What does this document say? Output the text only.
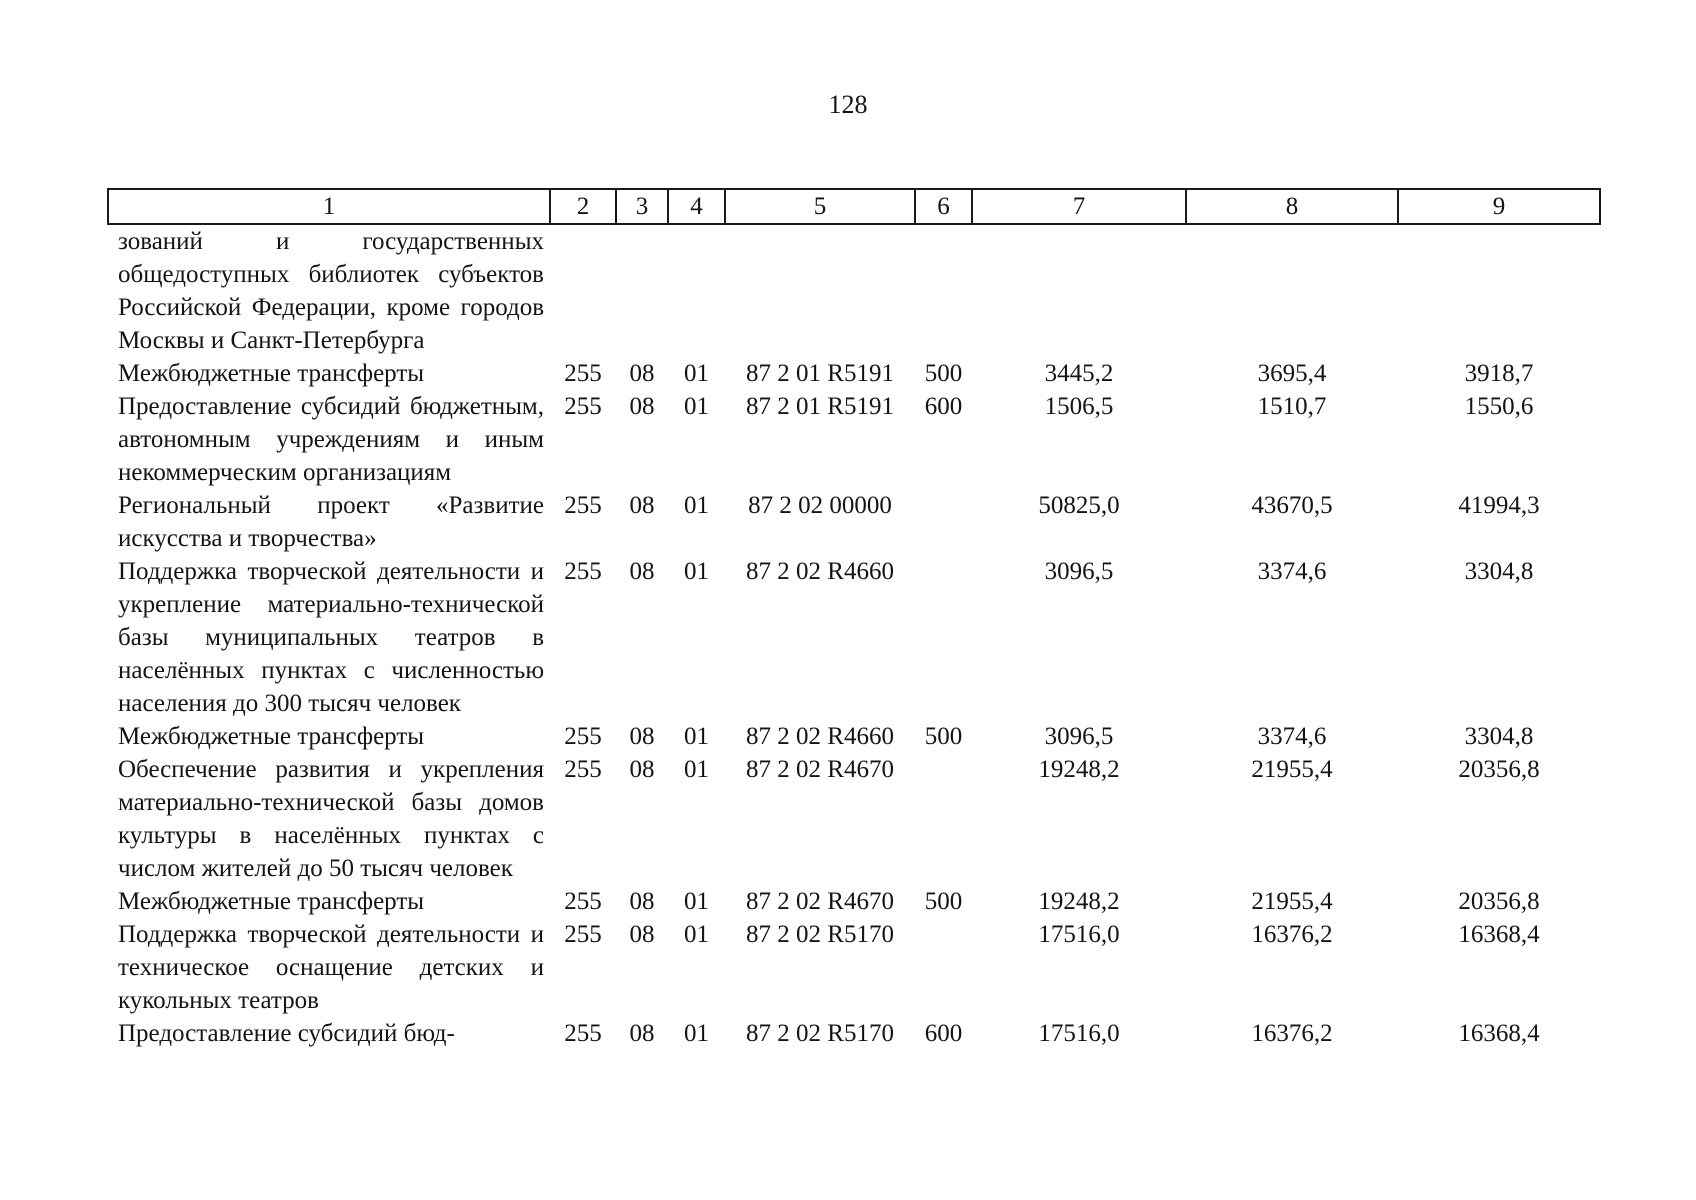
128
1	2	3	4	5	6	7	8	9
зований и государственных общедоступных библиотек субъектов Российской Федерации, кроме городов Москвы и Санкт-Петербурга								
Межбюджетные трансферты	255	08	01	87 2 01 R5191	500	3445,2	3695,4	3918,7
Предоставление субсидий бюджетным, автономным учреждениям и иным некоммерческим организациям	255	08	01	87 2 01 R5191	600	1506,5	1510,7	1550,6
Региональный проект «Развитие искусства и творчества»	255	08	01	87 2 02 00000		50825,0	43670,5	41994,3
Поддержка творческой деятельности и укрепление материально-технической базы муниципальных театров в населённых пунктах с численностью населения до 300 тысяч человек	255	08	01	87 2 02 R4660		3096,5	3374,6	3304,8
Межбюджетные трансферты	255	08	01	87 2 02 R4660	500	3096,5	3374,6	3304,8
Обеспечение развития и укрепления материально-технической базы домов культуры в населённых пунктах с числом жителей до 50 тысяч человек	255	08	01	87 2 02 R4670		19248,2	21955,4	20356,8
Межбюджетные трансферты	255	08	01	87 2 02 R4670	500	19248,2	21955,4	20356,8
Поддержка творческой деятельности и техническое оснащение детских и кукольных театров	255	08	01	87 2 02 R5170		17516,0	16376,2	16368,4
Предоставление субсидий бюд-	255	08	01	87 2 02 R5170	600	17516,0	16376,2	16368,4
